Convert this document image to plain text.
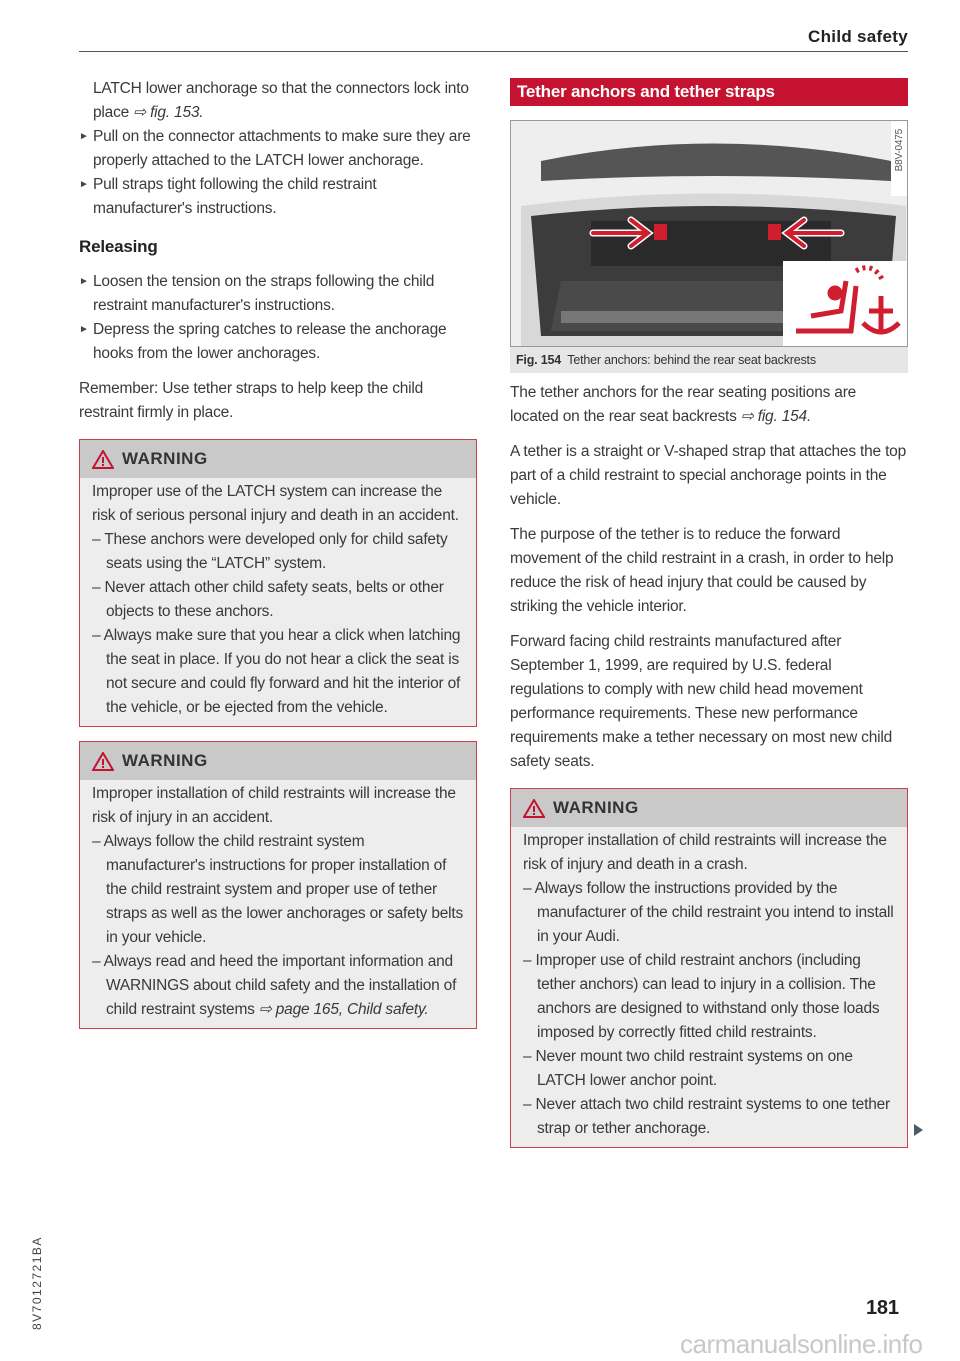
Child safety

LATCH lower anchorage so that the connectors lock into place ⇨ fig. 153.

► Pull on the connector attachments to make sure they are properly attached to the LATCH lower anchorage.

► Pull straps tight following the child restraint manufacturer's instructions.

Releasing

► Loosen the tension on the straps following the child restraint manufacturer's instructions.

► Depress the spring catches to release the anchorage hooks from the lower anchorages.

Remember: Use tether straps to help keep the child restraint firmly in place.

WARNING

Improper use of the LATCH system can increase the risk of serious personal injury and death in an accident.

– These anchors were developed only for child safety seats using the “LATCH” system.

– Never attach other child safety seats, belts or other objects to these anchors.

– Always make sure that you hear a click when latching the seat in place. If you do not hear a click the seat is not secure and could fly forward and hit the interior of the vehicle, or be ejected from the vehicle.

WARNING

Improper installation of child restraints will increase the risk of injury in an accident.

– Always follow the child restraint system manufacturer's instructions for proper installation of the child restraint system and proper use of tether straps as well as the lower anchorages or safety belts in your vehicle.

– Always read and heed the important information and WARNINGS about child safety and the installation of child restraint systems ⇨ page 165, Child safety.

Tether anchors and tether straps
B8V-0475
Fig. 154 Tether anchors: behind the rear seat backrests

The tether anchors for the rear seating positions are located on the rear seat backrests ⇨ fig. 154.

A tether is a straight or V-shaped strap that attaches the top part of a child restraint to special anchorage points in the vehicle.

The purpose of the tether is to reduce the forward movement of the child restraint in a crash, in order to help reduce the risk of head injury that could be caused by striking the vehicle interior.

Forward facing child restraints manufactured after September 1, 1999, are required by U.S. federal regulations to comply with new child head movement performance requirements. These new performance requirements make a tether necessary on most new child safety seats.

WARNING

Improper installation of child restraints will increase the risk of injury and death in a crash.

– Always follow the instructions provided by the manufacturer of the child restraint you intend to install in your Audi.

– Improper use of child restraint anchors (including tether anchors) can lead to injury in a collision. The anchors are designed to withstand only those loads imposed by correctly fitted child restraints.

– Never mount two child restraint systems on one LATCH lower anchor point.

– Never attach two child restraint systems to one tether strap or tether anchorage.

8V7012721BA	181
carmanualsonline.info
